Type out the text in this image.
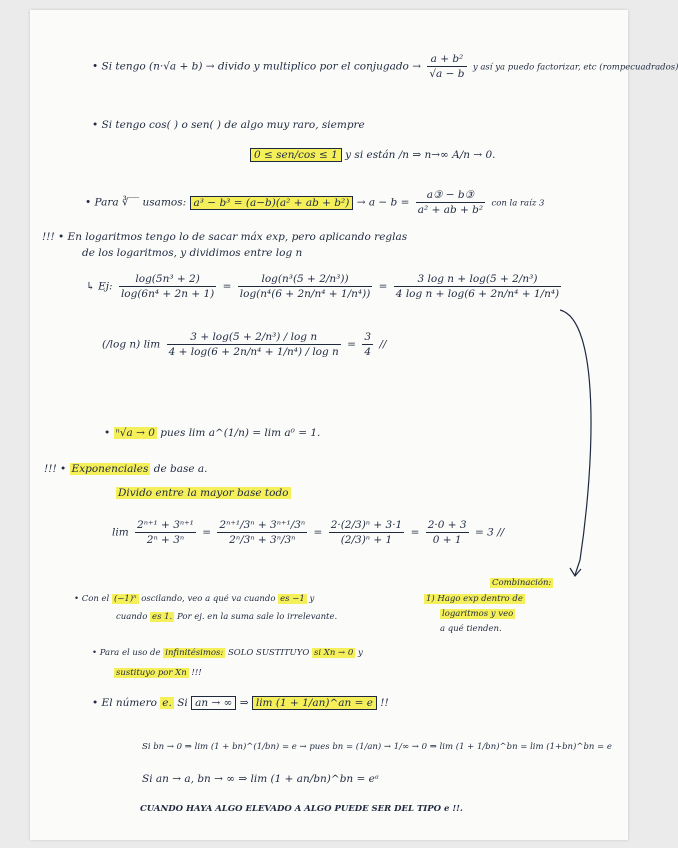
• Si tengo (n·√a + b) → divido y multiplico por el conjugado → $\frac{\text{a + b²}}{√a - b}$ y así ya puedo factorizar, etc (rompecuadrados)
• Si tengo cos( ) o sen( ) de algo muy raro, siempre
0 ≤ sen/cos ≤ 1 y si están /n ⇒ n→∞ A/n → 0.
• Para ∛‾‾ usamos: a³ − b³ = (a−b)(a² + ab + $b^2) \to a - b = \frac{\text{a③ − b③}}{\text{a² + ab + b²}}$ con la raíz 3
!!! • En logaritmos tengo lo de sacar máx exp, pero aplicando reglas
de los logaritmos, y dividimos entre log n
↳ Ej: $\frac{\text{log(5n³ + 2)}}{\text{log(6n⁴ + 2n + 1)}} = \frac{\text{log(n³(5 + 2/n³))}}{\text{log(n⁴(6 + 2n/n⁴ + 1/n⁴))}} = \frac{\text{3 log n + log(5 + 2/n³)}}{\text{4 log n + log(6 + 2n/n⁴ + 1/n⁴)}}$
(/log n) $\lim \frac{\text{3 + log(5 + 2/n³) / log n}}{\text{4 + log(6 + 2n/n⁴ + 1/n⁴) / log n}} = \frac{3}{4}$ //
• ⁿ√a → 0 pues lim a^(1/n) = lim a⁰ = 1.
!!! • Exponenciales de base a.
Divido entre la mayor base todo
$\lim \frac{\text{2ⁿ⁺¹ + 3ⁿ⁺¹}}{\text{2ⁿ + 3ⁿ}} = \frac{\text{2ⁿ⁺¹/3ⁿ + 3ⁿ⁺¹/3ⁿ}}{\text{2ⁿ/3ⁿ + 3ⁿ/3ⁿ}} = \frac{\text{2·(2/3)ⁿ + 3·1}}{\text{(2/3)ⁿ + 1}} = \frac{2\cdot 0 + 3}{0 + 1} = 3$ //
Combinación:
1) Hago exp dentro de
logaritmos y veo
a qué tienden.
• Con el (−1)ⁿ oscilando, veo a qué va cuando es −1 y
cuando es 1. Por ej. en la suma sale lo irrelevante.
• Para el uso de infinitésimos: SOLO SUSTITUYO si Xn → 0 y
sustituyo por Xn !!!
• El número e. Si an → ∞ ⇒ lim (1 + 1/an)^an = e !!
Si bn → 0 ⇒ lim (1 + bn)^(1/bn) = e → pues bn = (1/an) → 1/∞ → 0 ⇒ lim (1 + 1/bn)^bn = lim (1+bn)^bn = e
Si an → a, bn → ∞ ⇒ lim (1 + an/bn)^bn = eᵃ
CUANDO HAYA ALGO ELEVADO A ALGO PUEDE SER DEL TIPO e !!.
